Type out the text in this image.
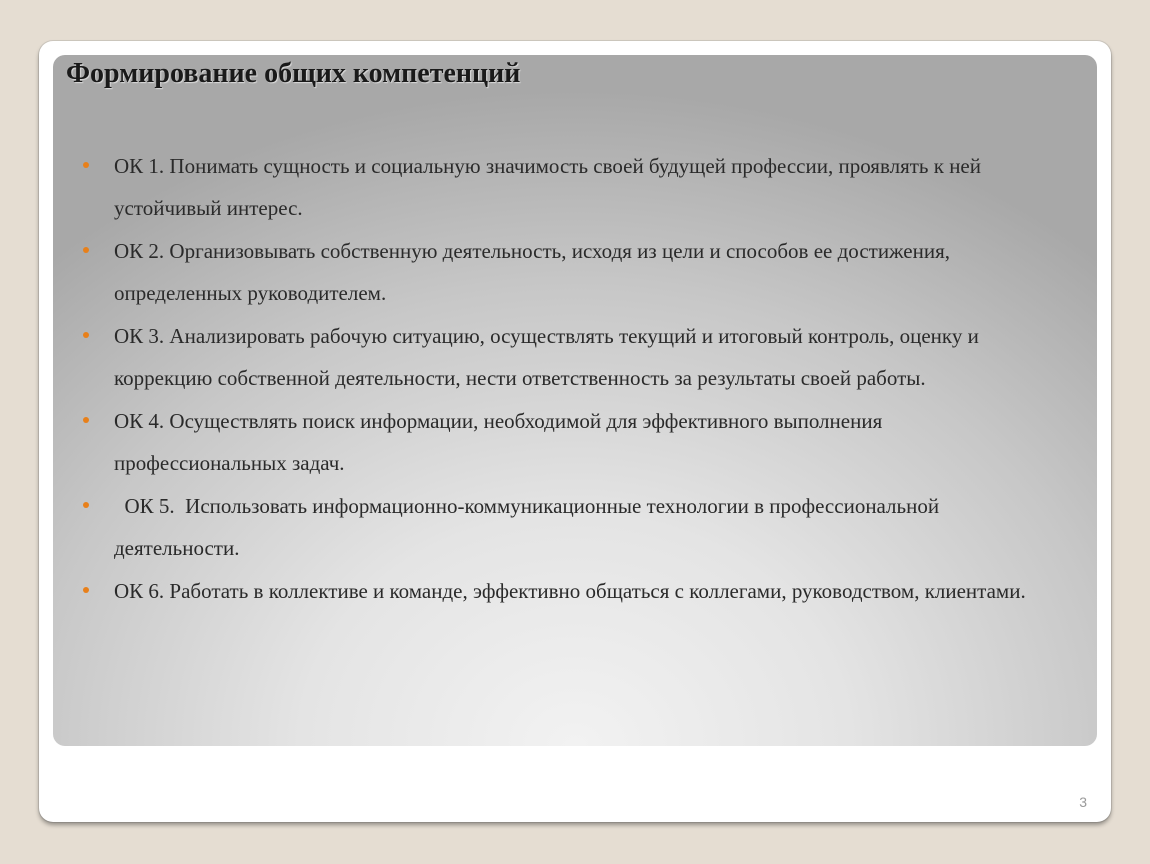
Формирование общих компетенций
ОК 1. Понимать сущность и социальную значимость своей будущей профессии, проявлять к ней устойчивый интерес.
ОК 2. Организовывать собственную деятельность, исходя из цели и способов ее достижения, определенных руководителем.
ОК 3. Анализировать рабочую ситуацию, осуществлять текущий и итоговый контроль, оценку и коррекцию собственной деятельности, нести ответственность за результаты своей работы.
ОК 4. Осуществлять поиск информации, необходимой для эффективного выполнения профессиональных задач.
ОК 5.  Использовать информационно-коммуникационные технологии в профессиональной деятельности.
ОК 6. Работать в коллективе и команде, эффективно общаться с коллегами, руководством, клиентами.
3
